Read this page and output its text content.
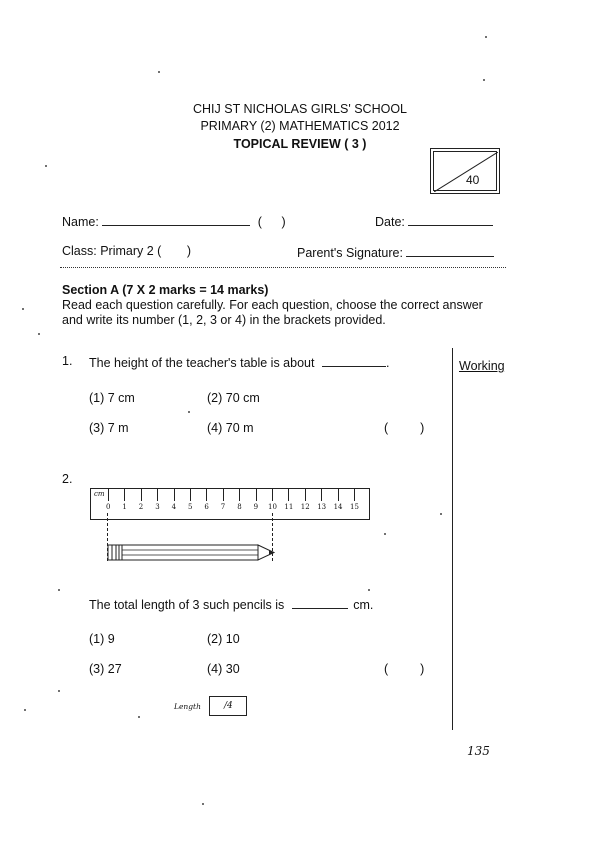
CHIJ ST NICHOLAS GIRLS' SCHOOL
PRIMARY (2) MATHEMATICS 2012
TOPICAL REVIEW ( 3 )
40
Name:	( )	Date:
Class: Primary 2 ( )	Parent's Signature:
Section A (7 X 2 marks = 14 marks)
Read each question carefully. For each question, choose the correct answer
and write its number (1, 2, 3 or 4) in the brackets provided.
Working
1. The height of the teacher's table is about	.
(1) 7 cm	(2) 70 cm
(3) 7 m	(4) 70 m	(	)
2.
cm
0 1 2 3 4 5 6 7 8 9 10 11 12 13 14 15
The total length of 3 such pencils is	cm.
(1) 9	(2) 10
(3) 27	(4) 30	(	)
Length	/4
135
